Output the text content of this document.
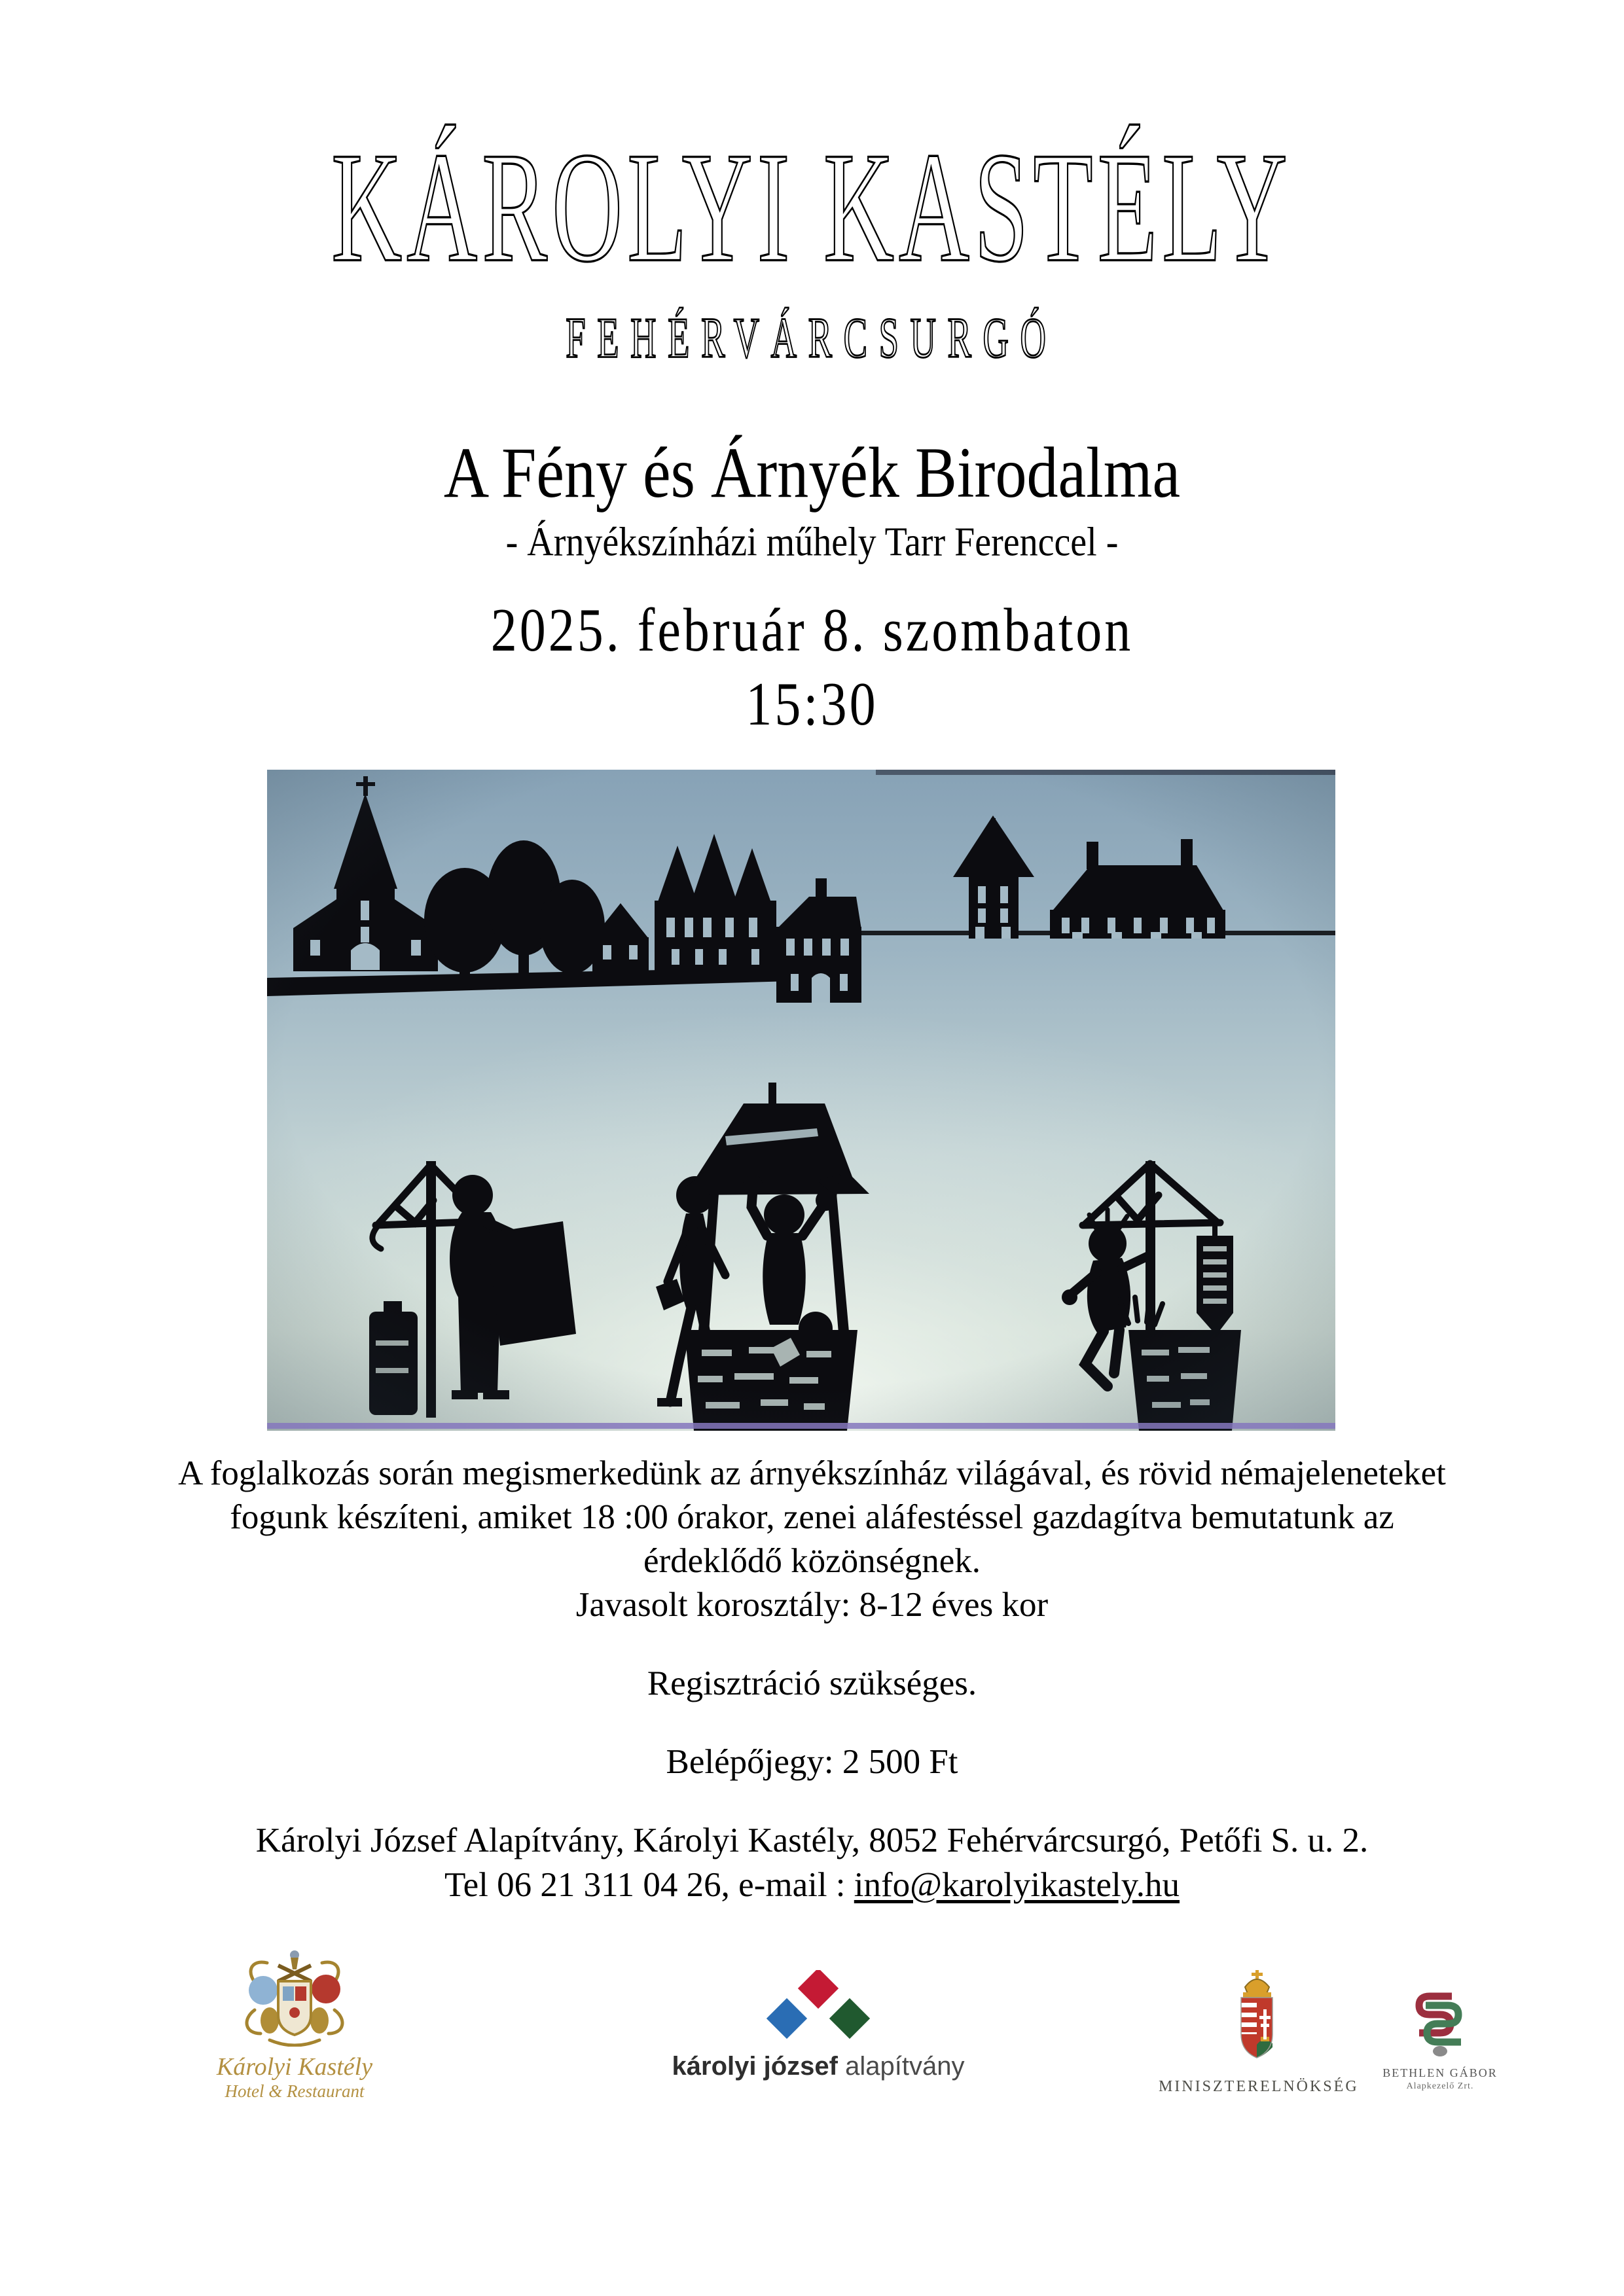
KÁROLYI KASTÉLY
FEHÉRVÁRCSURGÓ
A Fény és Árnyék Birodalma
- Árnyékszínházi műhely Tarr Ferenccel -
2025. február 8. szombaton
15:30
A foglalkozás során megismerkedünk az árnyékszínház világával, és rövid némajeleneteket
fogunk készíteni, amiket 18 :00 órakor, zenei aláfestéssel gazdagítva bemutatunk az
érdeklődő közönségnek.
Javasolt korosztály: 8-12 éves kor
Regisztráció szükséges.
Belépőjegy: 2 500 Ft
Károlyi József Alapítvány, Károlyi Kastély, 8052 Fehérvárcsurgó, Petőfi S. u. 2.
Tel 06 21 311 04 26, e-mail : info@karolyikastely.hu
Károlyi Kastély
Hotel & Restaurant
károlyi józsef alapítvány
MINISZTERELNÖKSÉG
BETHLEN GÁBOR
Alapkezelő Zrt.
